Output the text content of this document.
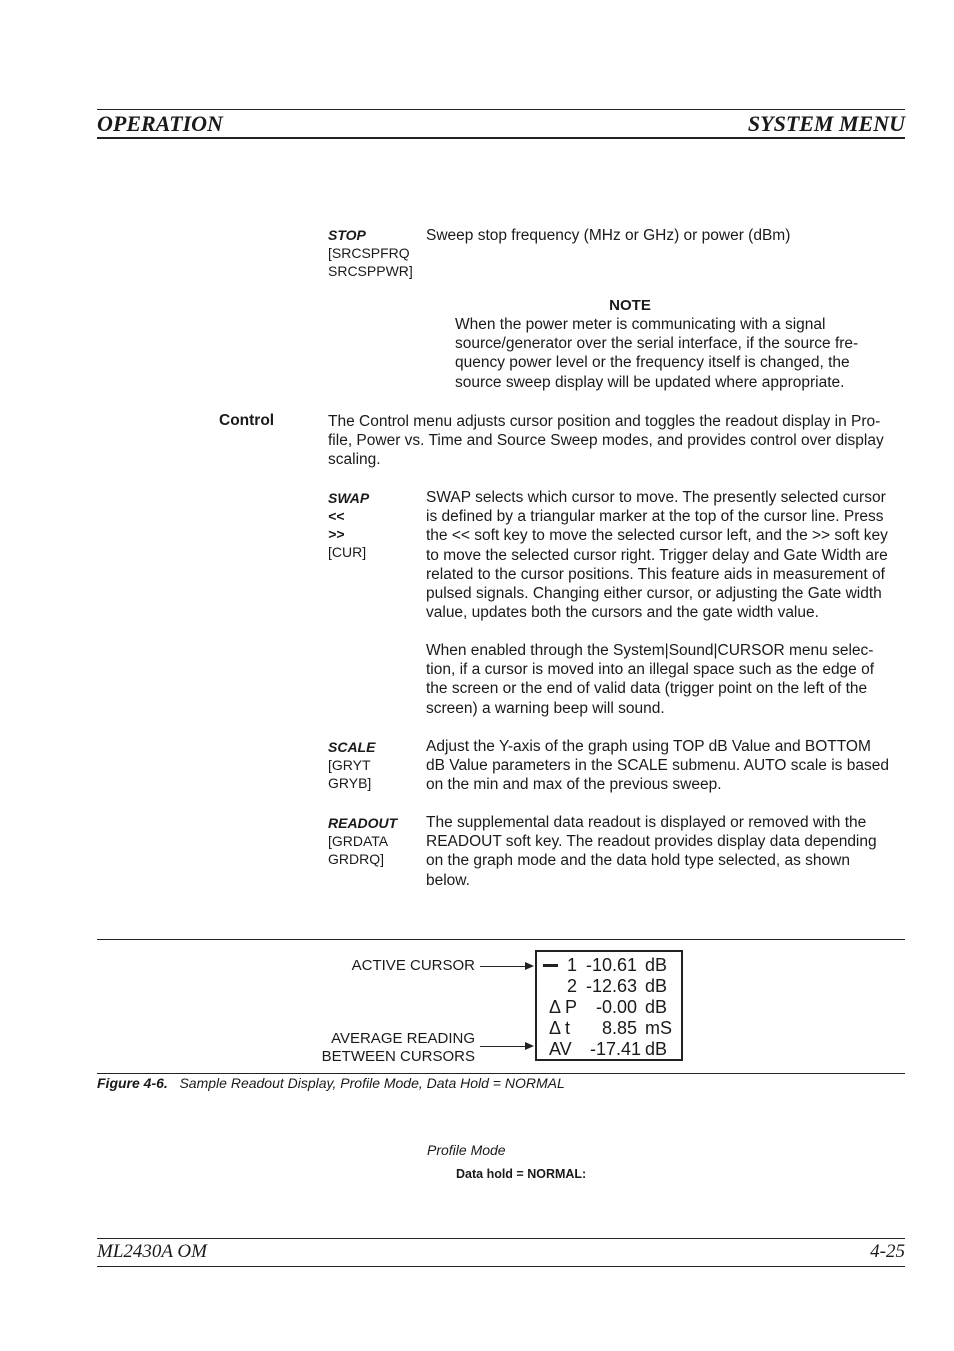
OPERATION	SYSTEM MENU
STOP
[SRCSPFRQ
SRCSPPWR]
Sweep stop frequency (MHz or GHz) or power (dBm)
NOTE
When the power meter is communicating with a signal
source/generator over the serial interface, if the source fre-
quency power level or the frequency itself is changed, the
source sweep display will be updated where appropriate.
Control	The Control menu adjusts cursor position and toggles the readout display in Pro-
file, Power vs. Time and Source Sweep modes, and provides control over display
scaling.
SWAP
<<
>>
[CUR]
SWAP selects which cursor to move. The presently selected cursor
is defined by a triangular marker at the top of the cursor line. Press
the << soft key to move the selected cursor left, and the >> soft key
to move the selected cursor right. Trigger delay and Gate Width are
related to the cursor positions. This feature aids in measurement of
pulsed signals. Changing either cursor, or adjusting the Gate width
value, updates both the cursors and the gate width value.
When enabled through the System|Sound|CURSOR menu selec-
tion, if a cursor is moved into an illegal space such as the edge of
the screen or the end of valid data (trigger point on the left of the
screen) a warning beep will sound.
SCALE
[GRYT
GRYB]
Adjust the Y-axis of the graph using TOP dB Value and BOTTOM
dB Value parameters in the SCALE submenu. AUTO scale is based
on the min and max of the previous sweep.
READOUT
[GRDATA
GRDRQ]
The supplemental data readout is displayed or removed with the
READOUT soft key. The readout provides display data depending
on the graph mode and the data hold type selected, as shown
below.
ACTIVE CURSOR
AVERAGE READING
BETWEEN CURSORS
1 -10.61 dB
2 -12.63 dB
Δ P -0.00 dB
Δ t 8.85 mS
AV -17.41 dB
Figure 4-6. Sample Readout Display, Profile Mode, Data Hold = NORMAL
Profile Mode
Data hold = NORMAL:
ML2430A OM	4-25
